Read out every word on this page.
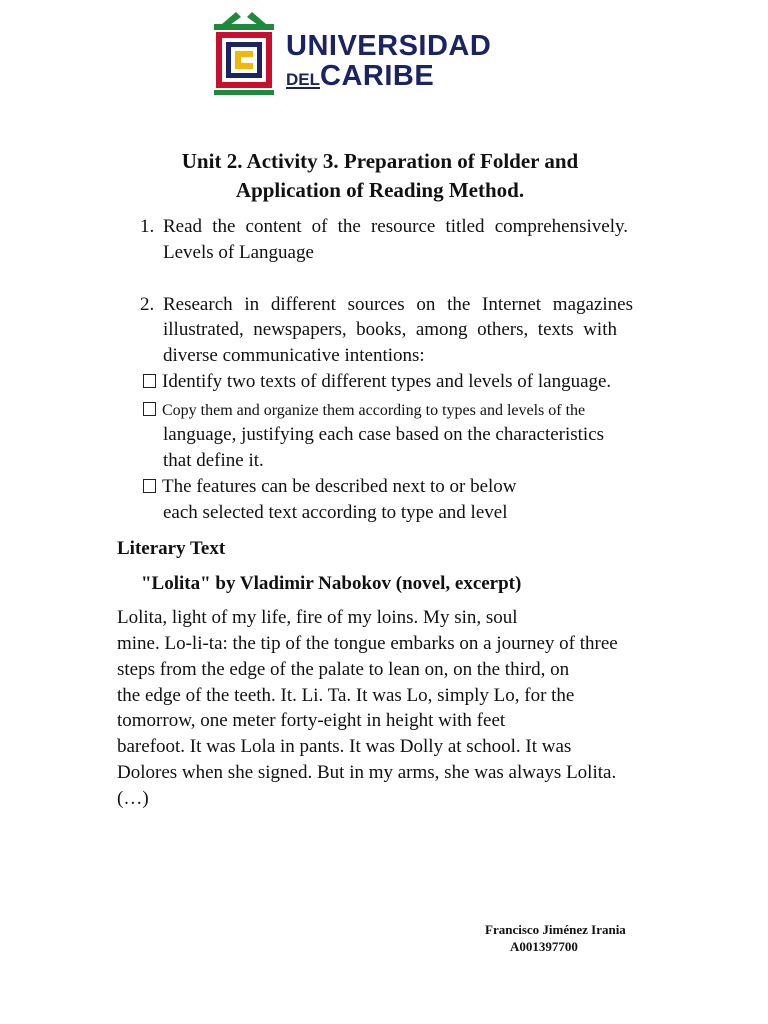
UNIVERSIDAD
DELCARIBE
Unit 2. Activity 3. Preparation of Folder and
Application of Reading Method.
1. Read the content of the resource titled comprehensively.
Levels of Language
2. Research in different sources on the Internet magazines
illustrated, newspapers, books, among others, texts with
diverse communicative intentions:
Identify two texts of different types and levels of language.
Copy them and organize them according to types and levels of the
language, justifying each case based on the characteristics
that define it.
The features can be described next to or below
each selected text according to type and level
Literary Text
"Lolita" by Vladimir Nabokov (novel, excerpt)
Lolita, light of my life, fire of my loins. My sin, soul
mine. Lo-li-ta: the tip of the tongue embarks on a journey of three
steps from the edge of the palate to lean on, on the third, on
the edge of the teeth. It. Li. Ta. It was Lo, simply Lo, for the
tomorrow, one meter forty-eight in height with feet
barefoot. It was Lola in pants. It was Dolly at school. It was
Dolores when she signed. But in my arms, she was always Lolita.
(…)
Francisco Jiménez Irania
A001397700
